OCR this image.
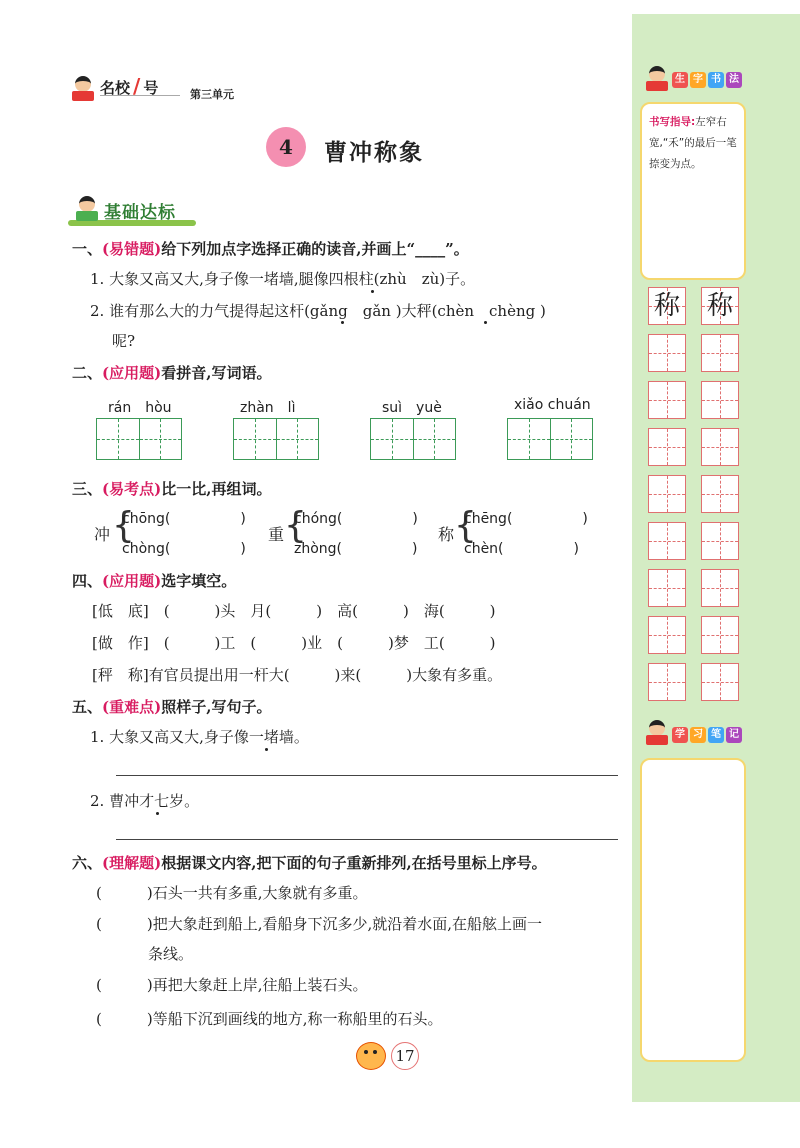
名校 / 号	第三单元
4 曹冲称象
基础达标
一、(易错题)给下列加点字选择正确的读音,并画上“____”。
1. 大象又高又大,身子像一堵墙,腿像四根柱(zhù　zù)子。
2. 谁有那么大的力气提得起这杆(gǎng　gǎn )大秤(chèn　chèng )
呢?
二、(应用题)看拼音,写词语。
rán　hòu	zhàn　lì	suì　yuè	xiǎo chuán
三、(易考点)比一比,再组词。
冲 {
chōng(　　　　　)
chòng(　　　　　)
重 {
chóng(　　　　　)
zhòng(　　　　　)
称 {
chēng(　　　　　)
chèn(　　　　　)
四、(应用题)选字填空。
[低　底]　(　　　)头　月(　　　)　高(　　　)　海(　　　)
[做　作]　(　　　)工　(　　　)业　(　　　)梦　工(　　　)
[秤　称]有官员提出用一杆大(　　　)来(　　　)大象有多重。
五、(重难点)照样子,写句子。
1. 大象又高又大,身子像一堵墙。
2. 曹冲才七岁。
六、(理解题)根据课文内容,把下面的句子重新排列,在括号里标上序号。
(　　　)石头一共有多重,大象就有多重。
(　　　)把大象赶到船上,看船身下沉多少,就沿着水面,在船舷上画一
条线。
(　　　)再把大象赶上岸,往船上装石头。
(　　　)等船下沉到画线的地方,称一称船里的石头。
17
生 字 书 法
书写指导:左窄右宽,“禾”的最后一笔捺变为点。
称 称
学 习 笔 记
